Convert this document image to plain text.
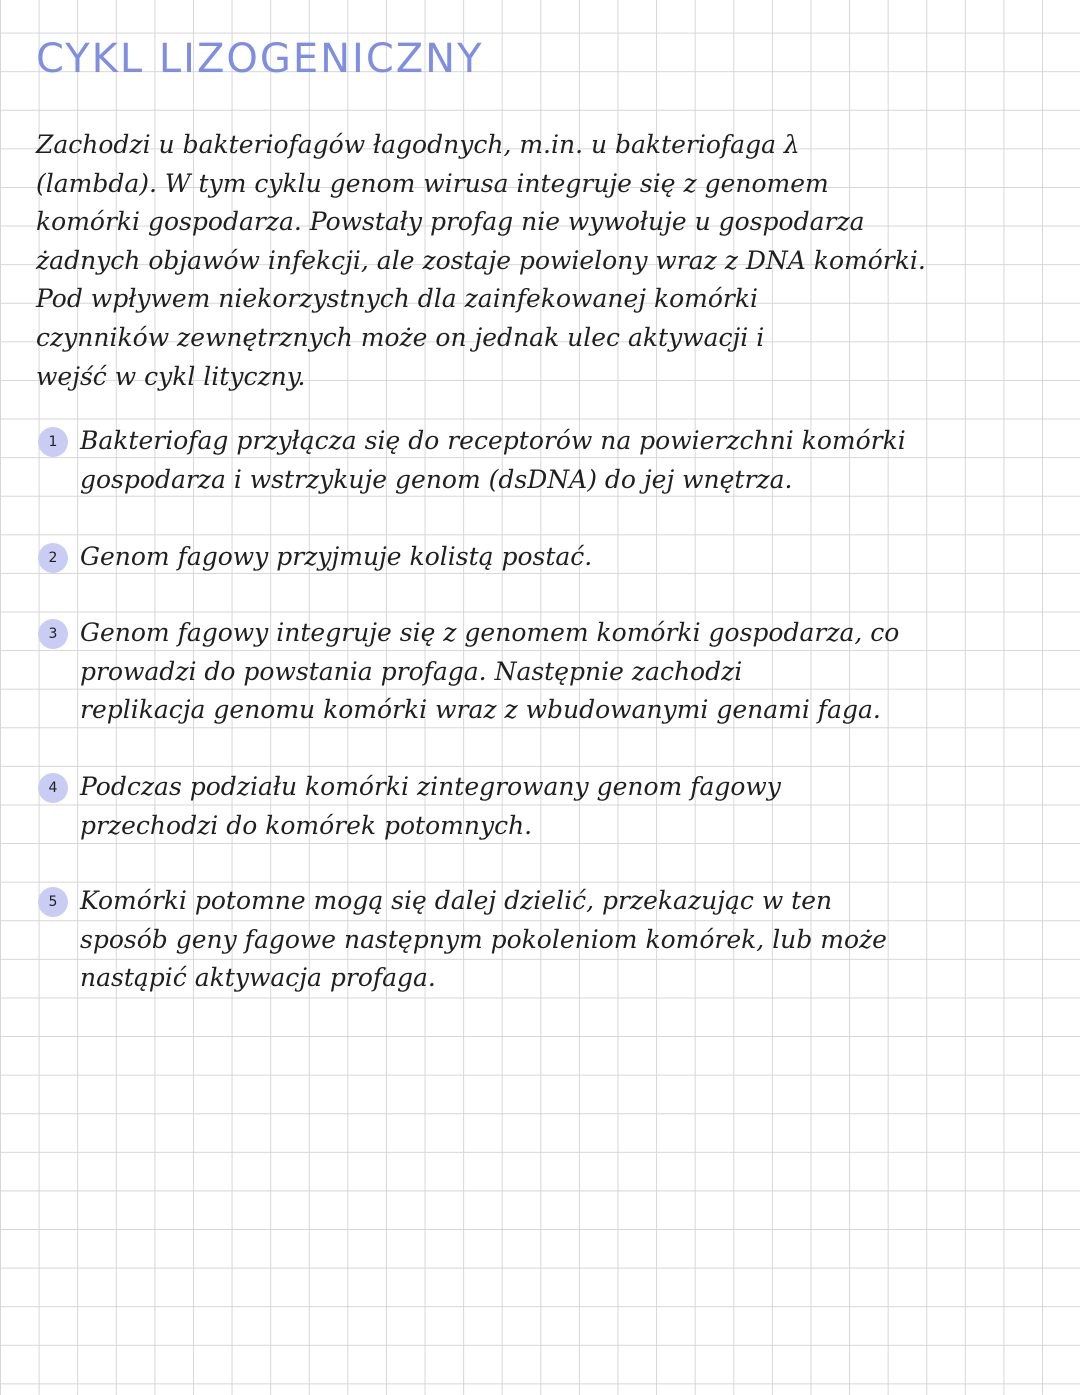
CYKL LIZOGENICZNY
Zachodzi u bakteriofagów łagodnych, m.in. u bakteriofaga λ
(lambda). W tym cyklu genom wirusa integruje się z genomem
komórki gospodarza. Powstały profag nie wywołuje u gospodarza
żadnych objawów infekcji, ale zostaje powielony wraz z DNA komórki.
Pod wpływem niekorzystnych dla zainfekowanej komórki
czynników zewnętrznych może on jednak ulec aktywacji i
wejść w cykl lityczny.
1 Bakteriofag przyłącza się do receptorów na powierzchni komórki
gospodarza i wstrzykuje genom (dsDNA) do jej wnętrza.
2 Genom fagowy przyjmuje kolistą postać.
3 Genom fagowy integruje się z genomem komórki gospodarza, co
prowadzi do powstania profaga. Następnie zachodzi
replikacja genomu komórki wraz z wbudowanymi genami faga.
4 Podczas podziału komórki zintegrowany genom fagowy
przechodzi do komórek potomnych.
5 Komórki potomne mogą się dalej dzielić, przekazując w ten
sposób geny fagowe następnym pokoleniom komórek, lub może
nastąpić aktywacja profaga.
